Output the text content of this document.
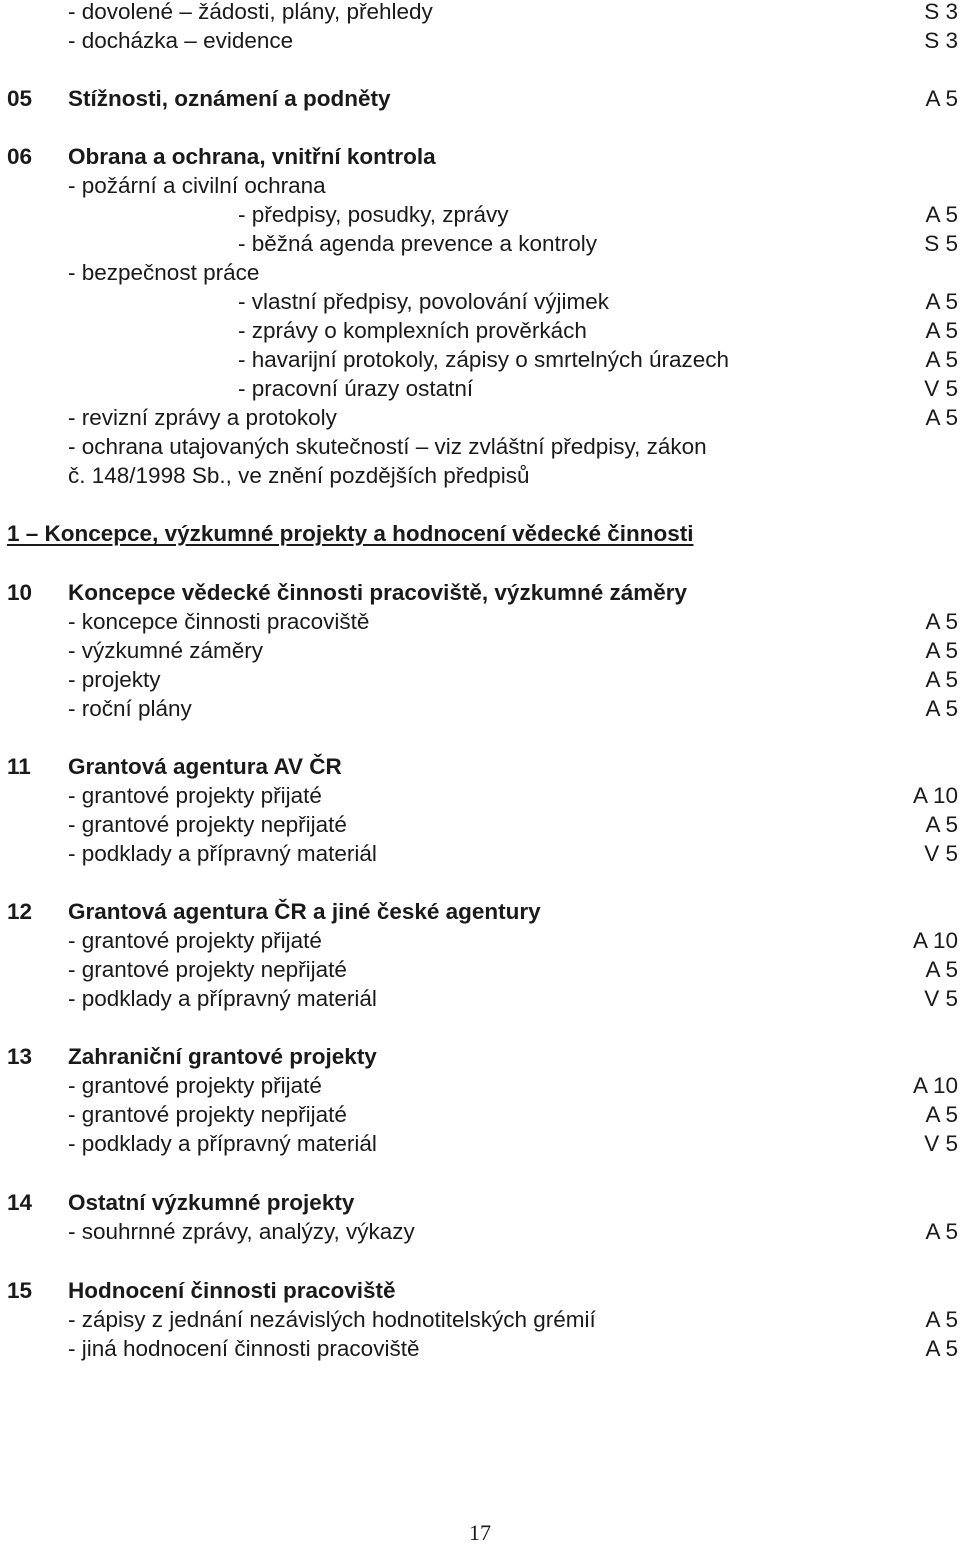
- dovolené – žádosti, plány, přehledy	S 3
- docházka – evidence	S 3
05 Stížnosti, oznámení a podněty	A 5
06 Obrana a ochrana, vnitřní kontrola
- požární a civilní ochrana
- předpisy, posudky, zprávy	A 5
- běžná agenda prevence a kontroly	S 5
- bezpečnost práce
- vlastní předpisy, povolování výjimek	A 5
- zprávy o komplexních prověrkách	A 5
- havarijní protokoly, zápisy o smrtelných úrazech	A 5
- pracovní úrazy ostatní	V 5
- revizní zprávy a protokoly	A 5
- ochrana utajovaných skutečností – viz zvláštní předpisy, zákon
č. 148/1998 Sb., ve znění pozdějších předpisů
1 – Koncepce, výzkumné projekty a hodnocení vědecké činnosti
10 Koncepce vědecké činnosti pracoviště, výzkumné záměry
- koncepce činnosti pracoviště	A 5
- výzkumné záměry	A 5
- projekty	A 5
- roční plány	A 5
11 Grantová agentura AV ČR
- grantové projekty přijaté	A 10
- grantové projekty nepřijaté	A 5
- podklady a přípravný materiál	V 5
12 Grantová agentura ČR a jiné české agentury
- grantové projekty přijaté	A 10
- grantové projekty nepřijaté	A 5
- podklady a přípravný materiál	V 5
13 Zahraniční grantové projekty
- grantové projekty přijaté	A 10
- grantové projekty nepřijaté	A 5
- podklady a přípravný materiál	V 5
14 Ostatní výzkumné projekty
- souhrnné zprávy, analýzy, výkazy	A 5
15 Hodnocení činnosti pracoviště
- zápisy z jednání nezávislých hodnotitelských grémií	A 5
- jiná hodnocení činnosti pracoviště	A 5
17
